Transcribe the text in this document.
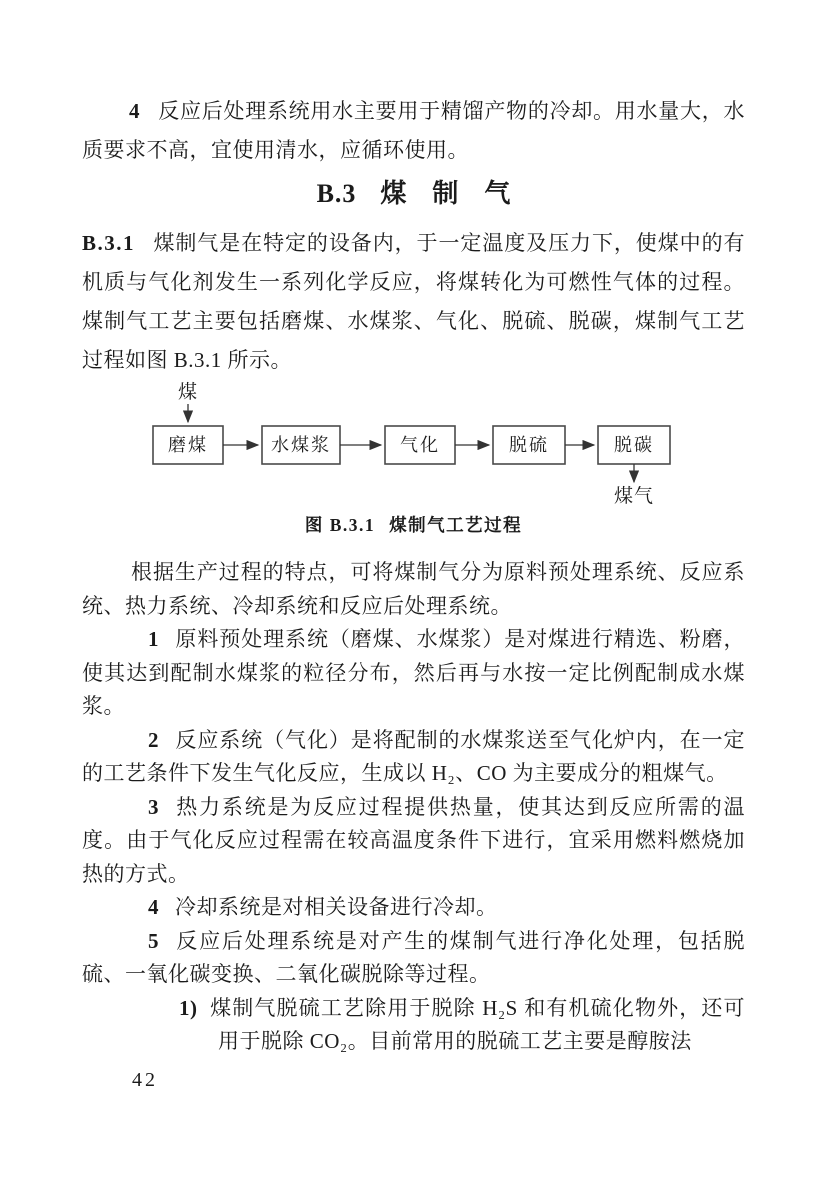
4 反应后处理系统用水主要用于精馏产物的冷却。用水量大，水质要求不高，宜使用清水，应循环使用。

B.3 煤制气

B.3.1 煤制气是在特定的设备内，于一定温度及压力下，使煤中的有机质与气化剂发生一系列化学反应，将煤转化为可燃性气体的过程。煤制气工艺主要包括磨煤、水煤浆、气化、脱硫、脱碳，煤制气工艺过程如图 B.3.1 所示。

煤
磨煤	水煤浆	气化	脱硫	脱碳
煤气
图 B.3.1 煤制气工艺过程

根据生产过程的特点，可将煤制气分为原料预处理系统、反应系统、热力系统、冷却系统和反应后处理系统。

1 原料预处理系统（磨煤、水煤浆）是对煤进行精选、粉磨，使其达到配制水煤浆的粒径分布，然后再与水按一定比例配制成水煤浆。

2 反应系统（气化）是将配制的水煤浆送至气化炉内，在一定的工艺条件下发生气化反应，生成以 H₂、CO 为主要成分的粗煤气。

3 热力系统是为反应过程提供热量，使其达到反应所需的温度。由于气化反应过程需在较高温度条件下进行，宜采用燃料燃烧加热的方式。

4 冷却系统是对相关设备进行冷却。

5 反应后处理系统是对产生的煤制气进行净化处理，包括脱硫、一氧化碳变换、二氧化碳脱除等过程。

1) 煤制气脱硫工艺除用于脱除 H₂S 和有机硫化物外，还可用于脱除 CO₂。目前常用的脱硫工艺主要是醇胺法

42
